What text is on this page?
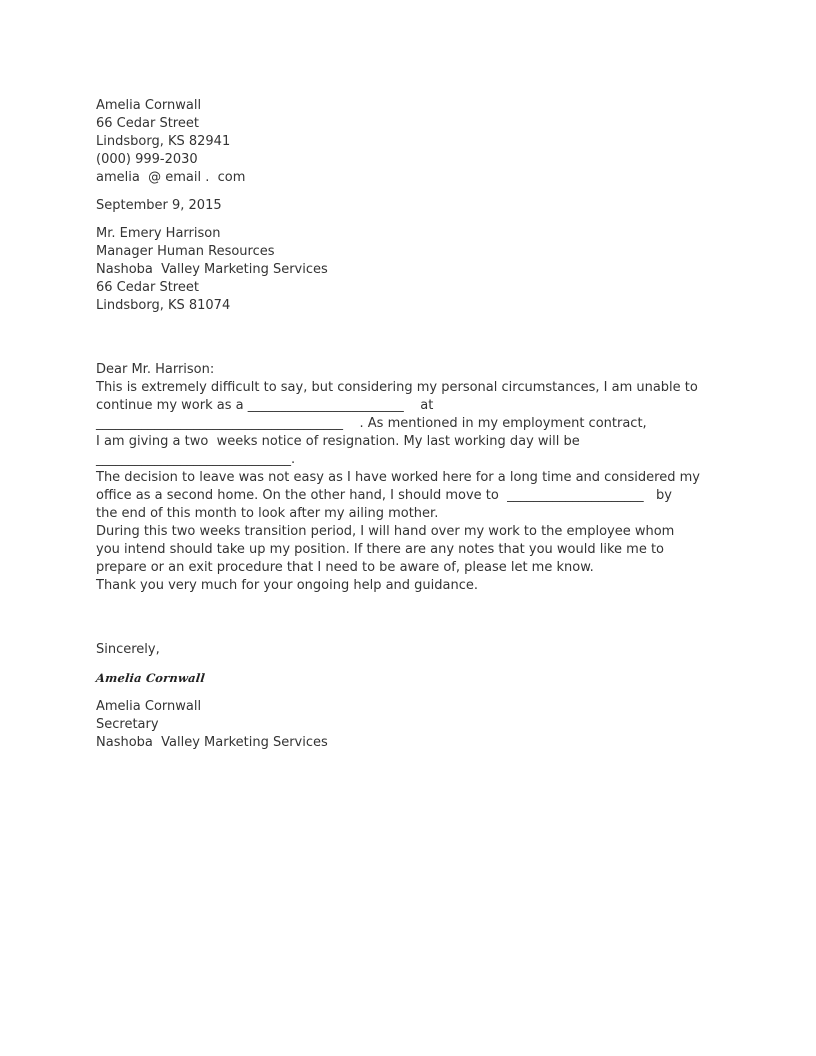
Amelia Cornwall
66 Cedar Street
Lindsborg, KS 82941
(000) 999-2030
amelia  @ email .  com
September 9, 2015
Mr. Emery Harrison
Manager Human Resources
Nashoba  Valley Marketing Services
66 Cedar Street
Lindsborg, KS 81074
Dear Mr. Harrison:
This is extremely difficult to say, but considering my personal circumstances, I am unable to
continue my work as a ________________________    at
______________________________________    . As mentioned in my employment contract,
I am giving a two  weeks notice of resignation. My last working day will be
______________________________.
The decision to leave was not easy as I have worked here for a long time and considered my
office as a second home. On the other hand, I should move to  _____________________   by
the end of this month to look after my ailing mother.
During this two weeks transition period, I will hand over my work to the employee whom
you intend should take up my position. If there are any notes that you would like me to
prepare or an exit procedure that I need to be aware of, please let me know.
Thank you very much for your ongoing help and guidance.
Sincerely,
Amelia Cornwall
Amelia Cornwall
Secretary
Nashoba  Valley Marketing Services
